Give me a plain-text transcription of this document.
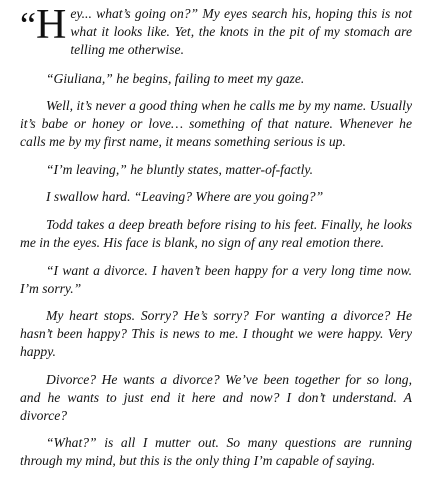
“H ey... what’s going on?” My eyes search his, hoping this is not what it looks like. Yet, the knots in the pit of my stomach are telling me otherwise.

“Giuliana,” he begins, failing to meet my gaze.

Well, it’s never a good thing when he calls me by my name. Usually it’s babe or honey or love… something of that nature. Whenever he calls me by my first name, it means something serious is up.

“I’m leaving,” he bluntly states, matter-of-factly.

I swallow hard. “Leaving? Where are you going?”

Todd takes a deep breath before rising to his feet. Finally, he looks me in the eyes. His face is blank, no sign of any real emotion there.

“I want a divorce. I haven’t been happy for a very long time now. I’m sorry.”

My heart stops. Sorry? He’s sorry? For wanting a divorce? He hasn’t been happy? This is news to me. I thought we were happy. Very happy.

Divorce? He wants a divorce? We’ve been together for so long, and he wants to just end it here and now? I don’t understand. A divorce?

“What?” is all I mutter out. So many questions are running through my mind, but this is the only thing I’m capable of saying.
